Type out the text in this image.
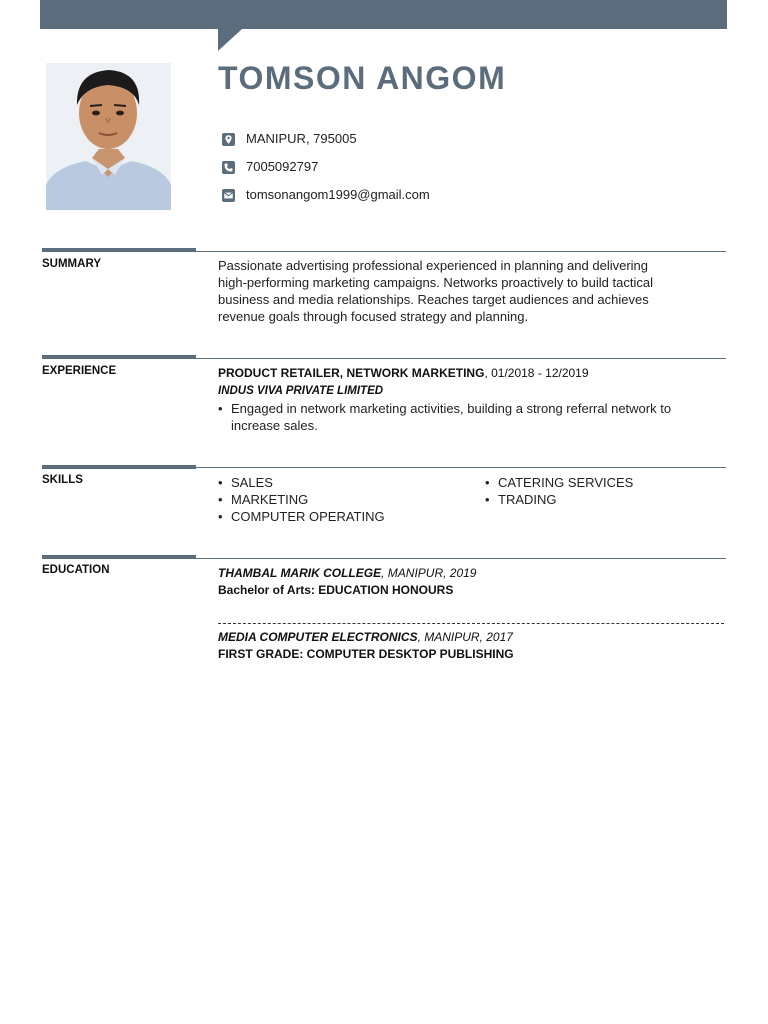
TOMSON ANGOM
MANIPUR, 795005
7005092797
tomsonangom1999@gmail.com
SUMMARY	Passionate advertising professional experienced in planning and delivering
high-performing marketing campaigns. Networks proactively to build tactical
business and media relationships. Reaches target audiences and achieves
revenue goals through focused strategy and planning.
EXPERIENCE	PRODUCT RETAILER, NETWORK MARKETING, 01/2018 - 12/2019
INDUS VIVA PRIVATE LIMITED
• Engaged in network marketing activities, building a strong referral network to
increase sales.
SKILLS	• SALES
• MARKETING
• COMPUTER OPERATING
• CATERING SERVICES
• TRADING
EDUCATION	THAMBAL MARIK COLLEGE, MANIPUR, 2019
Bachelor of Arts: EDUCATION HONOURS
MEDIA COMPUTER ELECTRONICS, MANIPUR, 2017
FIRST GRADE: COMPUTER DESKTOP PUBLISHING
